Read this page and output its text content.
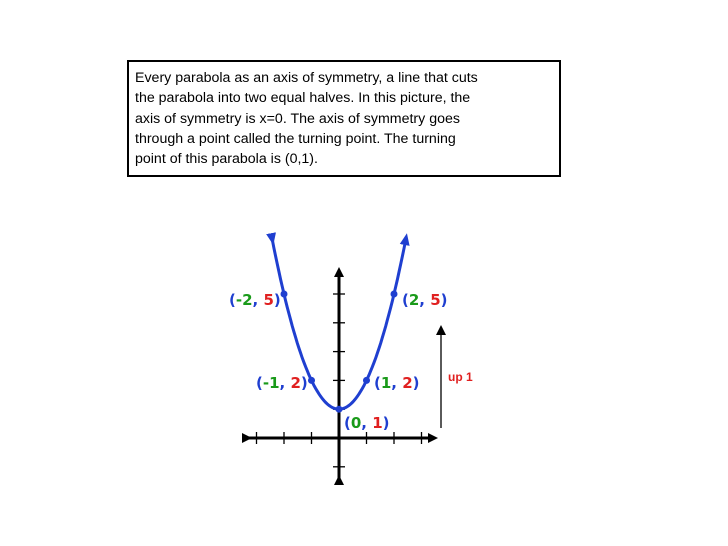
Every parabola as an axis of symmetry, a line that cuts

the parabola into two equal halves. In this picture, the

axis of symmetry is x=0. The axis of symmetry goes

through a point called the turning point. The turning

point of this parabola is (0,1).

(-2, 5)	(2, 5)
(-1, 2)	(1, 2)
(0, 1)
up 1
